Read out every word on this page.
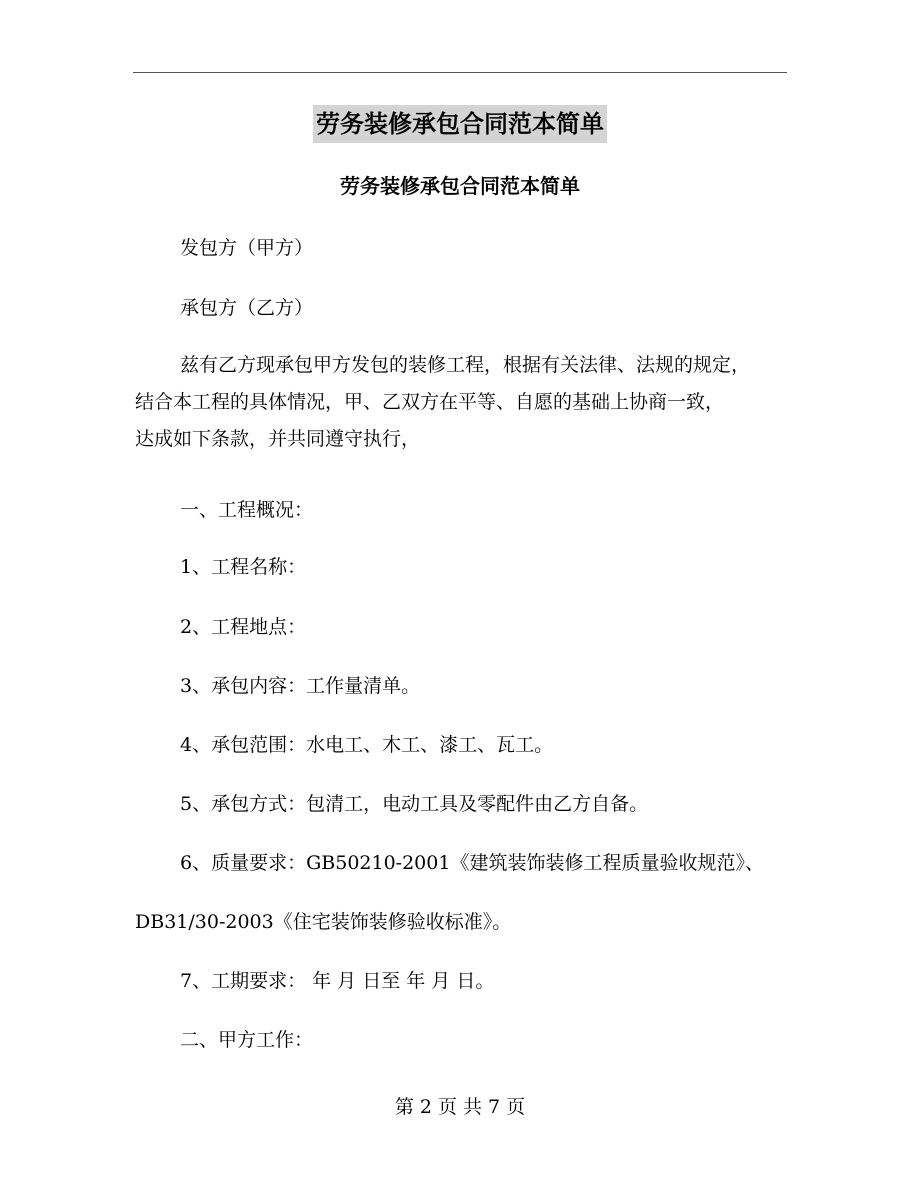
劳务装修承包合同范本简单
劳务装修承包合同范本简单
发包方（甲方）
承包方（乙方）
兹有乙方现承包甲方发包的装修工程，根据有关法律、法规的规定，
结合本工程的具体情况，甲、乙双方在平等、自愿的基础上协商一致，
达成如下条款，并共同遵守执行，
一、工程概况：
1、工程名称：
2、工程地点：
3、承包内容：工作量清单。
4、承包范围：水电工、木工、漆工、瓦工。
5、承包方式：包清工，电动工具及零配件由乙方自备。
6、质量要求：GB50210-2001《建筑装饰装修工程质量验收规范》、
DB31/30-2003《住宅装饰装修验收标准》。
7、工期要求： 年 月 日至 年 月 日。
二、甲方工作：
第 2 页 共 7 页
